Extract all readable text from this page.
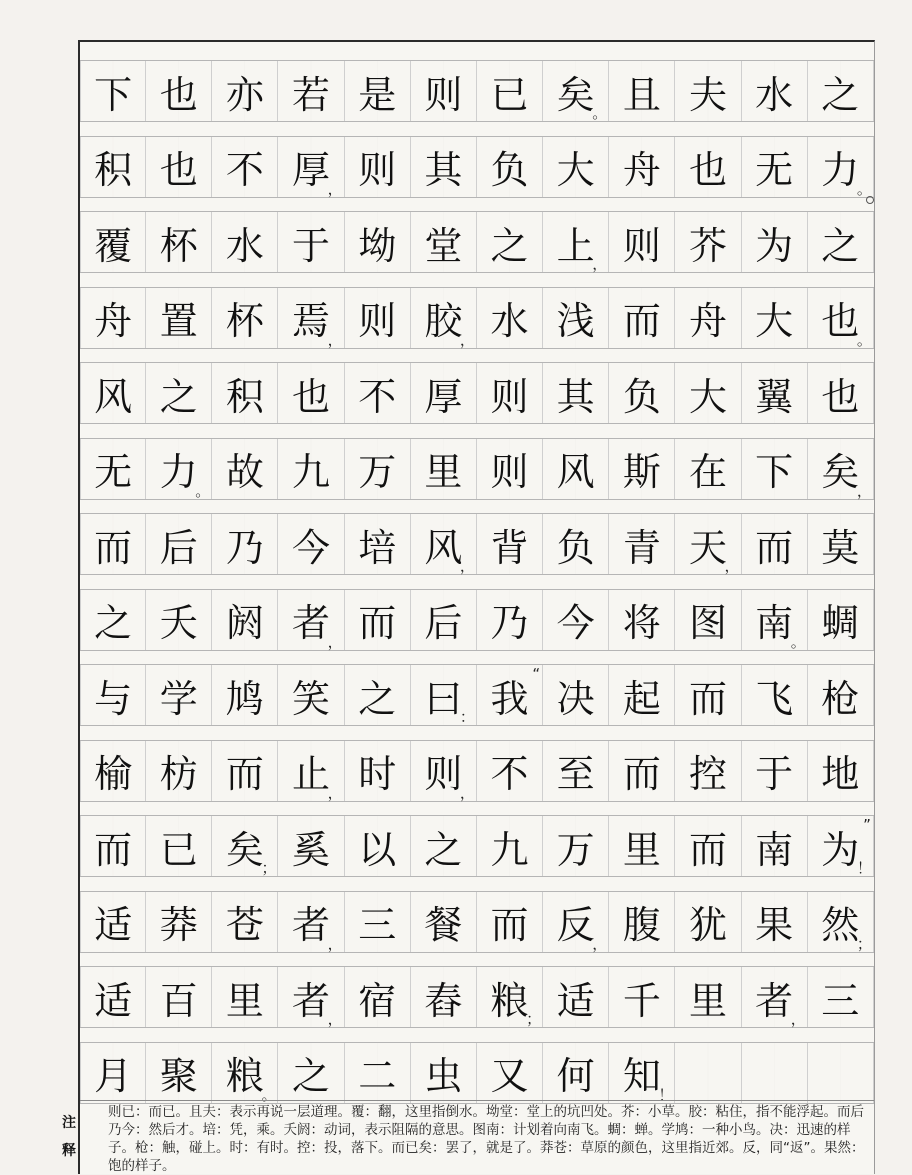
下 也 亦 若 是 则 已 矣
。 且 夫 水 之
积 也 不 厚
， 则 其 负 大 舟 也 无 力
。
覆 杯 水 于 坳 堂 之 上
， 则 芥 为 之
舟 置 杯 焉
， 则 胶
， 水 浅 而 舟 大 也
。
风 之 积 也 不 厚 则 其 负 大 翼 也
无 力
。 故 九 万 里 则 风 斯 在 下 矣
，
而 后 乃 今 培 风
， 背 负 青 天
， 而 莫
之 夭 阏 者
， 而 后 乃 今 将 图 南
。 蜩
与 学 鸠 笑 之 曰
： 我
“
决 起 而 飞 枪
榆 枋 而 止
， 时 则
， 不 至 而 控 于 地
而 已 矣
； 奚 以 之 九 万 里 而 南 为
！
”
适 莽 苍 者
， 三 餐 而 反
， 腹 犹 果 然
；
适 百 里 者
， 宿 舂 粮
； 适 千 里 者
， 三
月 聚 粮
。 之 二 虫 又 何 知
！
注
释
则已：而已。且夫：表示再说一层道理。覆：翻，这里指倒水。坳堂：堂上的坑凹处。芥：小草。胶：粘住，指不能浮起。而后乃今：然后才。培：凭，乘。夭阏：动词，表示阻隔的意思。图南：计划着向南飞。蜩：蝉。学鸠：一种小鸟。决：迅速的样子。枪：触，碰上。时：有时。控：投，落下。而已矣：罢了，就是了。莽苍：草原的颜色，这里指近郊。反，同“返”。果然：饱的样子。
